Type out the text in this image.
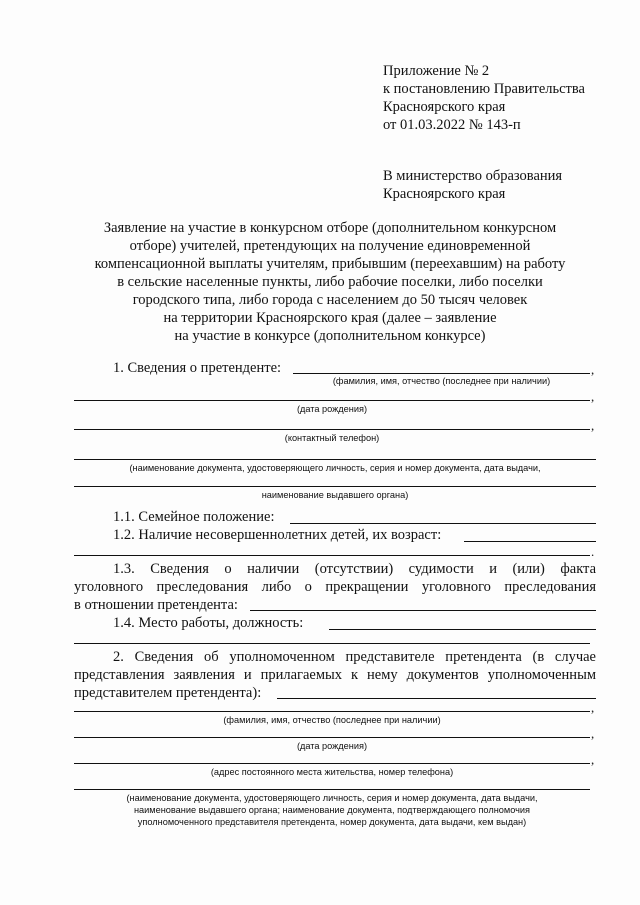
Приложение № 2
к постановлению Правительства
Красноярского края
от 01.03.2022 № 143-п
В министерство образования
Красноярского края
Заявление на участие в конкурсном отборе (дополнительном конкурсном
отборе) учителей, претендующих на получение единовременной
компенсационной выплаты учителям, прибывшим (переехавшим) на работу
в сельские населенные пункты, либо рабочие поселки, либо поселки
городского типа, либо города с населением до 50 тысяч человек
на территории Красноярского края (далее – заявление
на участие в конкурсе (дополнительном конкурсе)
1. Сведения о претенденте:	,
(фамилия, имя, отчество (последнее при наличии)
,
(дата рождения)
,
(контактный телефон)
(наименование документа, удостоверяющего личность, серия и номер документа, дата выдачи,
наименование выдавшего органа)
1.1. Семейное положение:
1.2. Наличие несовершеннолетних детей, их возраст:
.
1.3. Сведения о наличии (отсутствии) судимости и (или) факта
уголовного преследования либо о прекращении уголовного преследования
в отношении претендента:
1.4. Место работы, должность:
2. Сведения об уполномоченном представителе претендента (в случае
представления заявления и прилагаемых к нему документов уполномоченным
представителем претендента):
,
(фамилия, имя, отчество (последнее при наличии)
,
(дата рождения)
,
(адрес постоянного места жительства, номер телефона)
(наименование документа, удостоверяющего личность, серия и номер документа, дата выдачи,
наименование выдавшего органа; наименование документа, подтверждающего полномочия
уполномоченного представителя претендента, номер документа, дата выдачи, кем выдан)
